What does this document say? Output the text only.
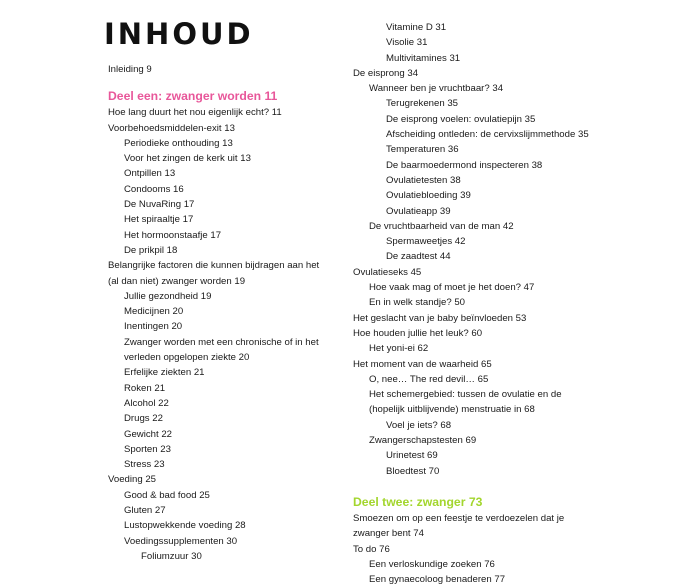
INHOUD
Inleiding 9
Deel een: zwanger worden 11
Hoe lang duurt het nou eigenlijk echt? 11
Voorbehoedsmiddelen-exit 13
Periodieke onthouding 13
Voor het zingen de kerk uit 13
Ontpillen 13
Condooms 16
De NuvaRing 17
Het spiraaltje 17
Het hormoonstaafje 17
De prikpil 18
Belangrijke factoren die kunnen bijdragen aan het
(al dan niet) zwanger worden 19
Jullie gezondheid 19
Medicijnen 20
Inentingen 20
Zwanger worden met een chronische of in het
verleden opgelopen ziekte 20
Erfelijke ziekten 21
Roken 21
Alcohol 22
Drugs 22
Gewicht 22
Sporten 23
Stress 23
Voeding 25
Good & bad food 25
Gluten 27
Lustopwekkende voeding 28
Voedingssupplementen 30
Foliumzuur 30
Vitamine D 31
Visolie 31
Multivitamines 31
De eisprong 34
Wanneer ben je vruchtbaar? 34
Terugrekenen 35
De eisprong voelen: ovulatiepijn 35
Afscheiding ontleden: de cervixslijmmethode 35
Temperaturen 36
De baarmoedermond inspecteren 38
Ovulatietesten 38
Ovulatiebloeding 39
Ovulatieapp 39
De vruchtbaarheid van de man 42
Spermaweetjes 42
De zaadtest 44
Ovulatieseks 45
Hoe vaak mag of moet je het doen? 47
En in welk standje? 50
Het geslacht van je baby beïnvloeden 53
Hoe houden jullie het leuk? 60
Het yoni-ei 62
Het moment van de waarheid 65
O, nee… The red devil… 65
Het schemergebied: tussen de ovulatie en de
(hopelijk uitblijvende) menstruatie in 68
Voel je iets? 68
Zwangerschapstesten 69
Urinetest 69
Bloedtest 70
Deel twee: zwanger 73
Smoezen om op een feestje te verdoezelen dat je
zwanger bent 74
To do 76
Een verloskundige zoeken 76
Een gynaecoloog benaderen 77
